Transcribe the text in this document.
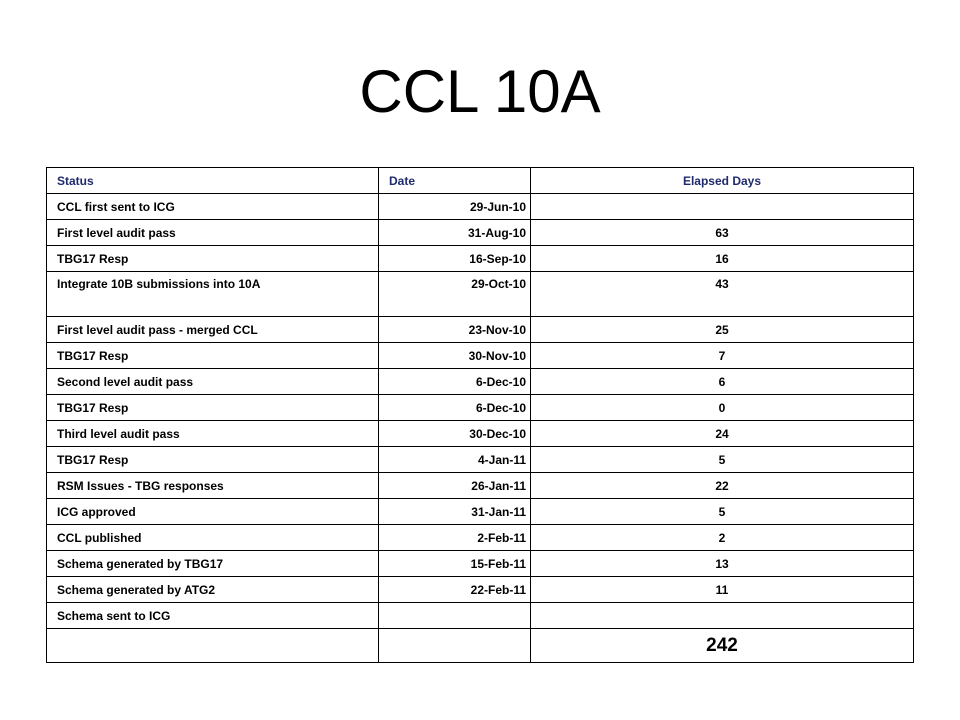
CCL 10A
Status	Date	Elapsed Days
CCL first sent to ICG	29-Jun-10	
First level audit pass	31-Aug-10	63
TBG17 Resp	16-Sep-10	16
Integrate 10B submissions into 10A	29-Oct-10	43
First level audit pass - merged CCL	23-Nov-10	25
TBG17 Resp	30-Nov-10	7
Second level audit pass	6-Dec-10	6
TBG17 Resp	6-Dec-10	0
Third level audit pass	30-Dec-10	24
TBG17 Resp	4-Jan-11	5
RSM Issues - TBG responses	26-Jan-11	22
ICG approved	31-Jan-11	5
CCL published	2-Feb-11	2
Schema generated by TBG17	15-Feb-11	13
Schema generated by ATG2	22-Feb-11	11
Schema sent to ICG		
		242
